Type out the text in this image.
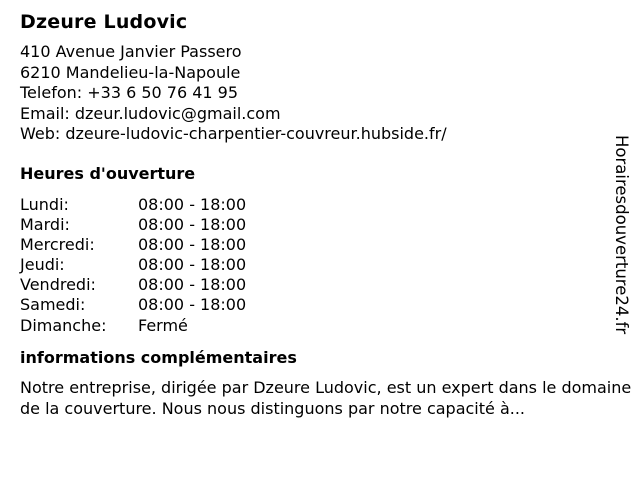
Dzeure Ludovic
410 Avenue Janvier Passero
6210 Mandelieu-la-Napoule
Telefon: +33 6 50 76 41 95
Email: dzeur.ludovic@gmail.com
Web: dzeure-ludovic-charpentier-couvreur.hubside.fr/
Heures d'ouverture
Lundi:	08:00 - 18:00
Mardi:	08:00 - 18:00
Mercredi:	08:00 - 18:00
Jeudi:	08:00 - 18:00
Vendredi:	08:00 - 18:00
Samedi:	08:00 - 18:00
Dimanche: Fermé
informations complémentaires
Notre entreprise, dirigée par Dzeure Ludovic, est un expert dans le domaine de la couverture. Nous nous distinguons par notre capacité à...
Horairesdouverture24.fr
